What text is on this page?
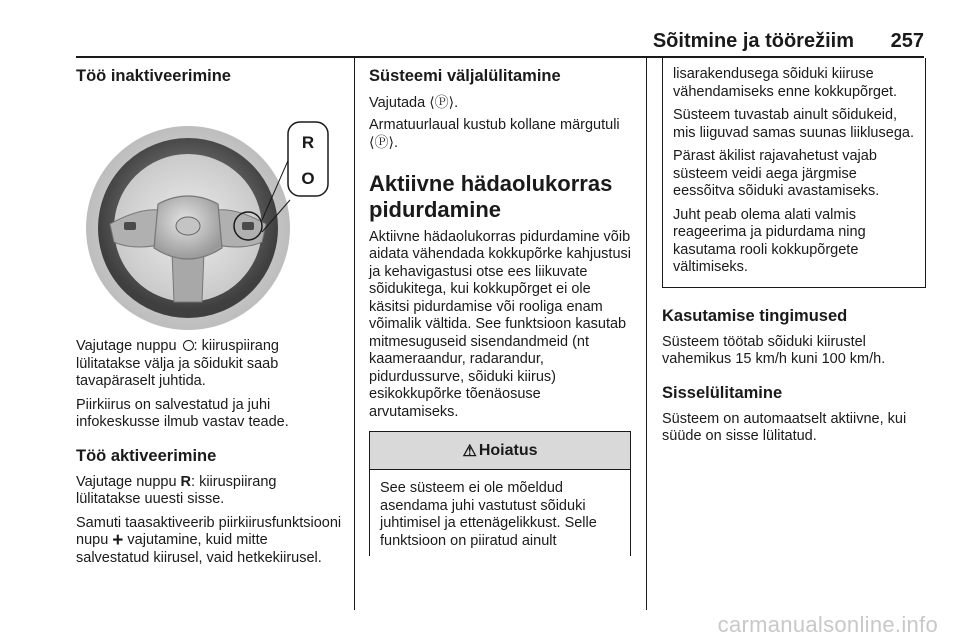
Sõitmine ja töörežiim 257
Töö inaktiveerimine
R
O

Vajutage nuppu : kiiruspiirang lülitatakse välja ja sõidukit saab tavapäraselt juhtida.

Piirkiirus on salvestatud ja juhi infokeskusse ilmub vastav teade.

Töö aktiveerimine

Vajutage nuppu R: kiiruspiirang lülitatakse uuesti sisse.

Samuti taasaktiveerib piirkiirusfunktsiooni nupu + vajutamine, kuid mitte salvestatud kiirusel, vaid hetkekiirusel.

Süsteemi väljalülitamine

Vajutada ⟨Ⓟ⟩.

Armatuurlaual kustub kollane märgutuli ⟨Ⓟ⟩.

Aktiivne hädaolukorras pidurdamine

Aktiivne hädaolukorras pidurdamine võib aidata vähendada kokkupõrke kahjustusi ja kehavigastusi otse ees liikuvate sõidukitega, kui kokkupõrget ei ole käsitsi pidurdamise või rooliga enam võimalik vältida. See funktsioon kasutab mitmesuguseid sisendandmeid (nt kaameraandur, radarandur, pidurdussurve, sõiduki kiirus) esikokkupõrke tõenäosuse arvutamiseks.

⚠ Hoiatus

See süsteem ei ole mõeldud asendama juhi vastutust sõiduki juhtimisel ja ettenägelikkust. Selle funktsioon on piiratud ainult

lisarakendusega sõiduki kiiruse vähendamiseks enne kokkupõrget.

Süsteem tuvastab ainult sõidukeid, mis liiguvad samas suunas liiklusega.

Pärast äkilist rajavahetust vajab süsteem veidi aega järgmise eessõitva sõiduki avastamiseks.

Juht peab olema alati valmis reageerima ja pidurdama ning kasutama rooli kokkupõrgete vältimiseks.

Kasutamise tingimused

Süsteem töötab sõiduki kiirustel vahemikus 15 km/h kuni 100 km/h.

Sisselülitamine

Süsteem on automaatselt aktiivne, kui süüde on sisse lülitatud.

carmanualsonline.info
